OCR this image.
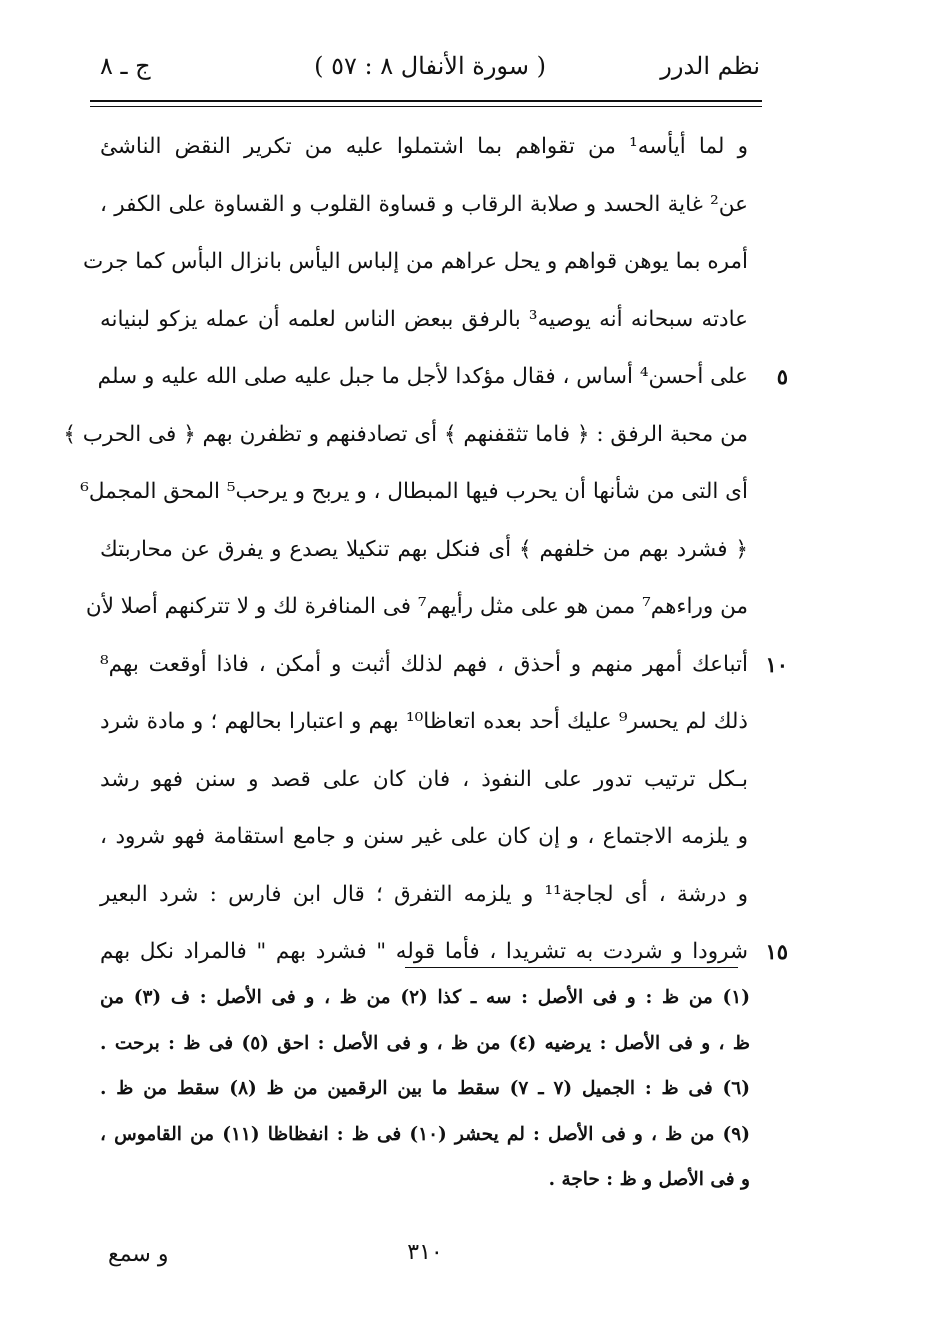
نظم الدرر
( سورة الأنفال ٨ : ٥٧ )
ج ـ ٨
و لما أيأسه¹ من تقواهم بما اشتملوا عليه من تكرير النقض الناشئ
عن² غاية الحسد و صلابة الرقاب و قساوة القلوب و القساوة على الكفر ،
أمره بما يوهن قواهم و يحل عراهم من إلباس اليأس بانزال البأس كما جرت
عادته سبحانه أنه يوصيه³ بالرفق ببعض الناس لعلمه أن عمله يزكو لبنيانه
٥
على أحسن⁴ أساس ، فقال مؤكدا لأجل ما جبل عليه صلى الله عليه و سلم
من محبة الرفق : ﴿ فاما تثقفنهم ﴾ أى تصادفنهم و تظفرن بهم ﴿ فى الحرب ﴾
أى التى من شأنها أن يحرب فيها المبطال ، و يربح و يرحب⁵ المحق المجمل⁶
﴿ فشرد بهم من خلفهم ﴾ أى فنكل بهم تنكيلا يصدع و يفرق عن محاربتك
من وراءهم⁷ ممن هو على مثل رأيهم⁷ فى المنافرة لك و لا تتركنهم أصلا لأن
١٠
أتباعك أمهر منهم و أحذق ، فهم لذلك أثبت و أمكن ، فاذا أوقعت بهم⁸
ذلك لم يحسر⁹ عليك أحد بعده اتعاظا¹⁰ بهم و اعتبارا بحالهم ؛ و مادة شرد
بـكل ترتيب تدور على النفوذ ، فان كان على قصد و سنن فهو رشد
و يلزمه الاجتماع ، و إن كان على غير سنن و جامع استقامة فهو شرود ،
و درشة ، أى لجاجة¹¹ و يلزمه التفرق ؛ قال ابن فارس : شرد البعير
١٥
شرودا و شردت به تشريدا ، فأما قوله " فشرد بهم " فالمراد نكل بهم
(١) من ظ : و فى الأصل : سه ـ كذا (٢) من ظ ، و فى الأصل : ف (٣) من
ظ ، و فى الأصل : يرضيه (٤) من ظ ، و فى الأصل : احق (٥) فى ظ : برحت .
(٦) فى ظ : الجميل (٧ ـ ٧) سقط ما بين الرقمين من ظ (٨) سقط من ظ .
(٩) من ظ ، و فى الأصل : لم يحشر (١٠) فى ظ : انفظاظا (١١) من القاموس ،
و فى الأصل و ظ : حاجة .
٣١٠
و سمع
